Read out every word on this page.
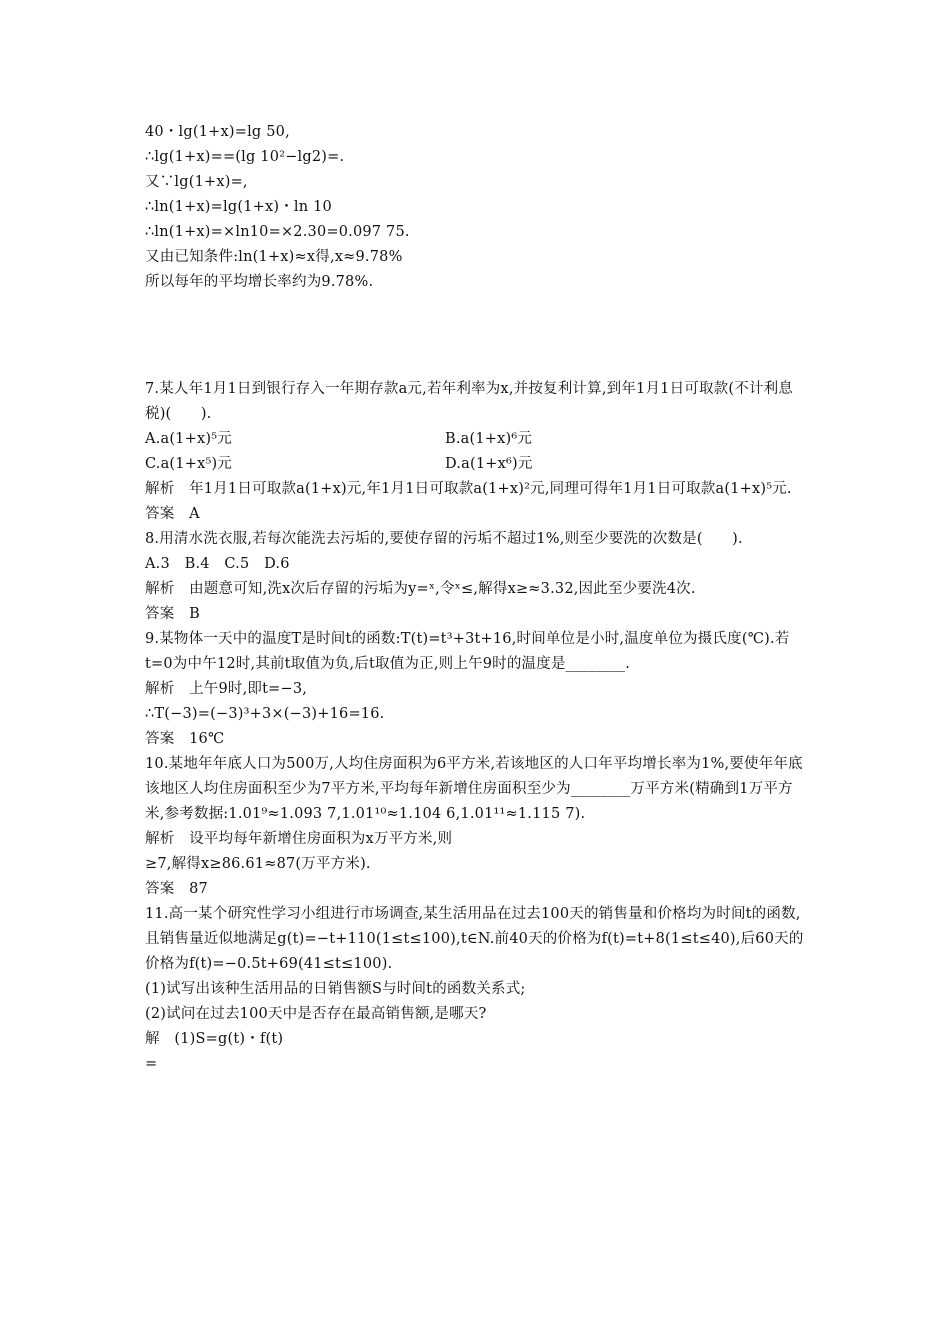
40・lg(1+x)=lg 50,
∴lg(1+x)==(lg 10²−lg2)=.
又∵lg(1+x)=,
∴ln(1+x)=lg(1+x)・ln 10
∴ln(1+x)=×ln10=×2.30=0.097 75.
又由已知条件:ln(1+x)≈x得,x≈9.78%
所以每年的平均增长率约为9.78%.
7.某人年1月1日到银行存入一年期存款a元,若年利率为x,并按复利计算,到年1月1日可取款(不计利息税)(　　).
A.a(1+x)⁵元	B.a(1+x)⁶元
C.a(1+x⁵)元	D.a(1+x⁶)元
解析　年1月1日可取款a(1+x)元,年1月1日可取款a(1+x)²元,同理可得年1月1日可取款a(1+x)⁵元.
答案　A
8.用清水洗衣服,若每次能洗去污垢的,要使存留的污垢不超过1%,则至少要洗的次数是(　　).
A.3　B.4　C.5　D.6
解析　由题意可知,洗x次后存留的污垢为y=ˣ,令ˣ≤,解得x≥≈3.32,因此至少要洗4次.
答案　B
9.某物体一天中的温度T是时间t的函数:T(t)=t³+3t+16,时间单位是小时,温度单位为摄氏度(℃).若t=0为中午12时,其前t取值为负,后t取值为正,则上午9时的温度是________.
解析　上午9时,即t=−3,
∴T(−3)=(−3)³+3×(−3)+16=16.
答案　16℃
10.某地年年底人口为500万,人均住房面积为6平方米,若该地区的人口年平均增长率为1%,要使年年底该地区人均住房面积至少为7平方米,平均每年新增住房面积至少为________万平方米(精确到1万平方米,参考数据:1.01⁹≈1.093 7,1.01¹⁰≈1.104 6,1.01¹¹≈1.115 7).
解析　设平均每年新增住房面积为x万平方米,则
≥7,解得x≥86.61≈87(万平方米).
答案　87
11.高一某个研究性学习小组进行市场调查,某生活用品在过去100天的销售量和价格均为时间t的函数,且销售量近似地满足g(t)=−t+110(1≤t≤100),t∈N.前40天的价格为f(t)=t+8(1≤t≤40),后60天的价格为f(t)=−0.5t+69(41≤t≤100).
(1)试写出该种生活用品的日销售额S与时间t的函数关系式;
(2)试问在过去100天中是否存在最高销售额,是哪天?
解　(1)S=g(t)・f(t)
=
